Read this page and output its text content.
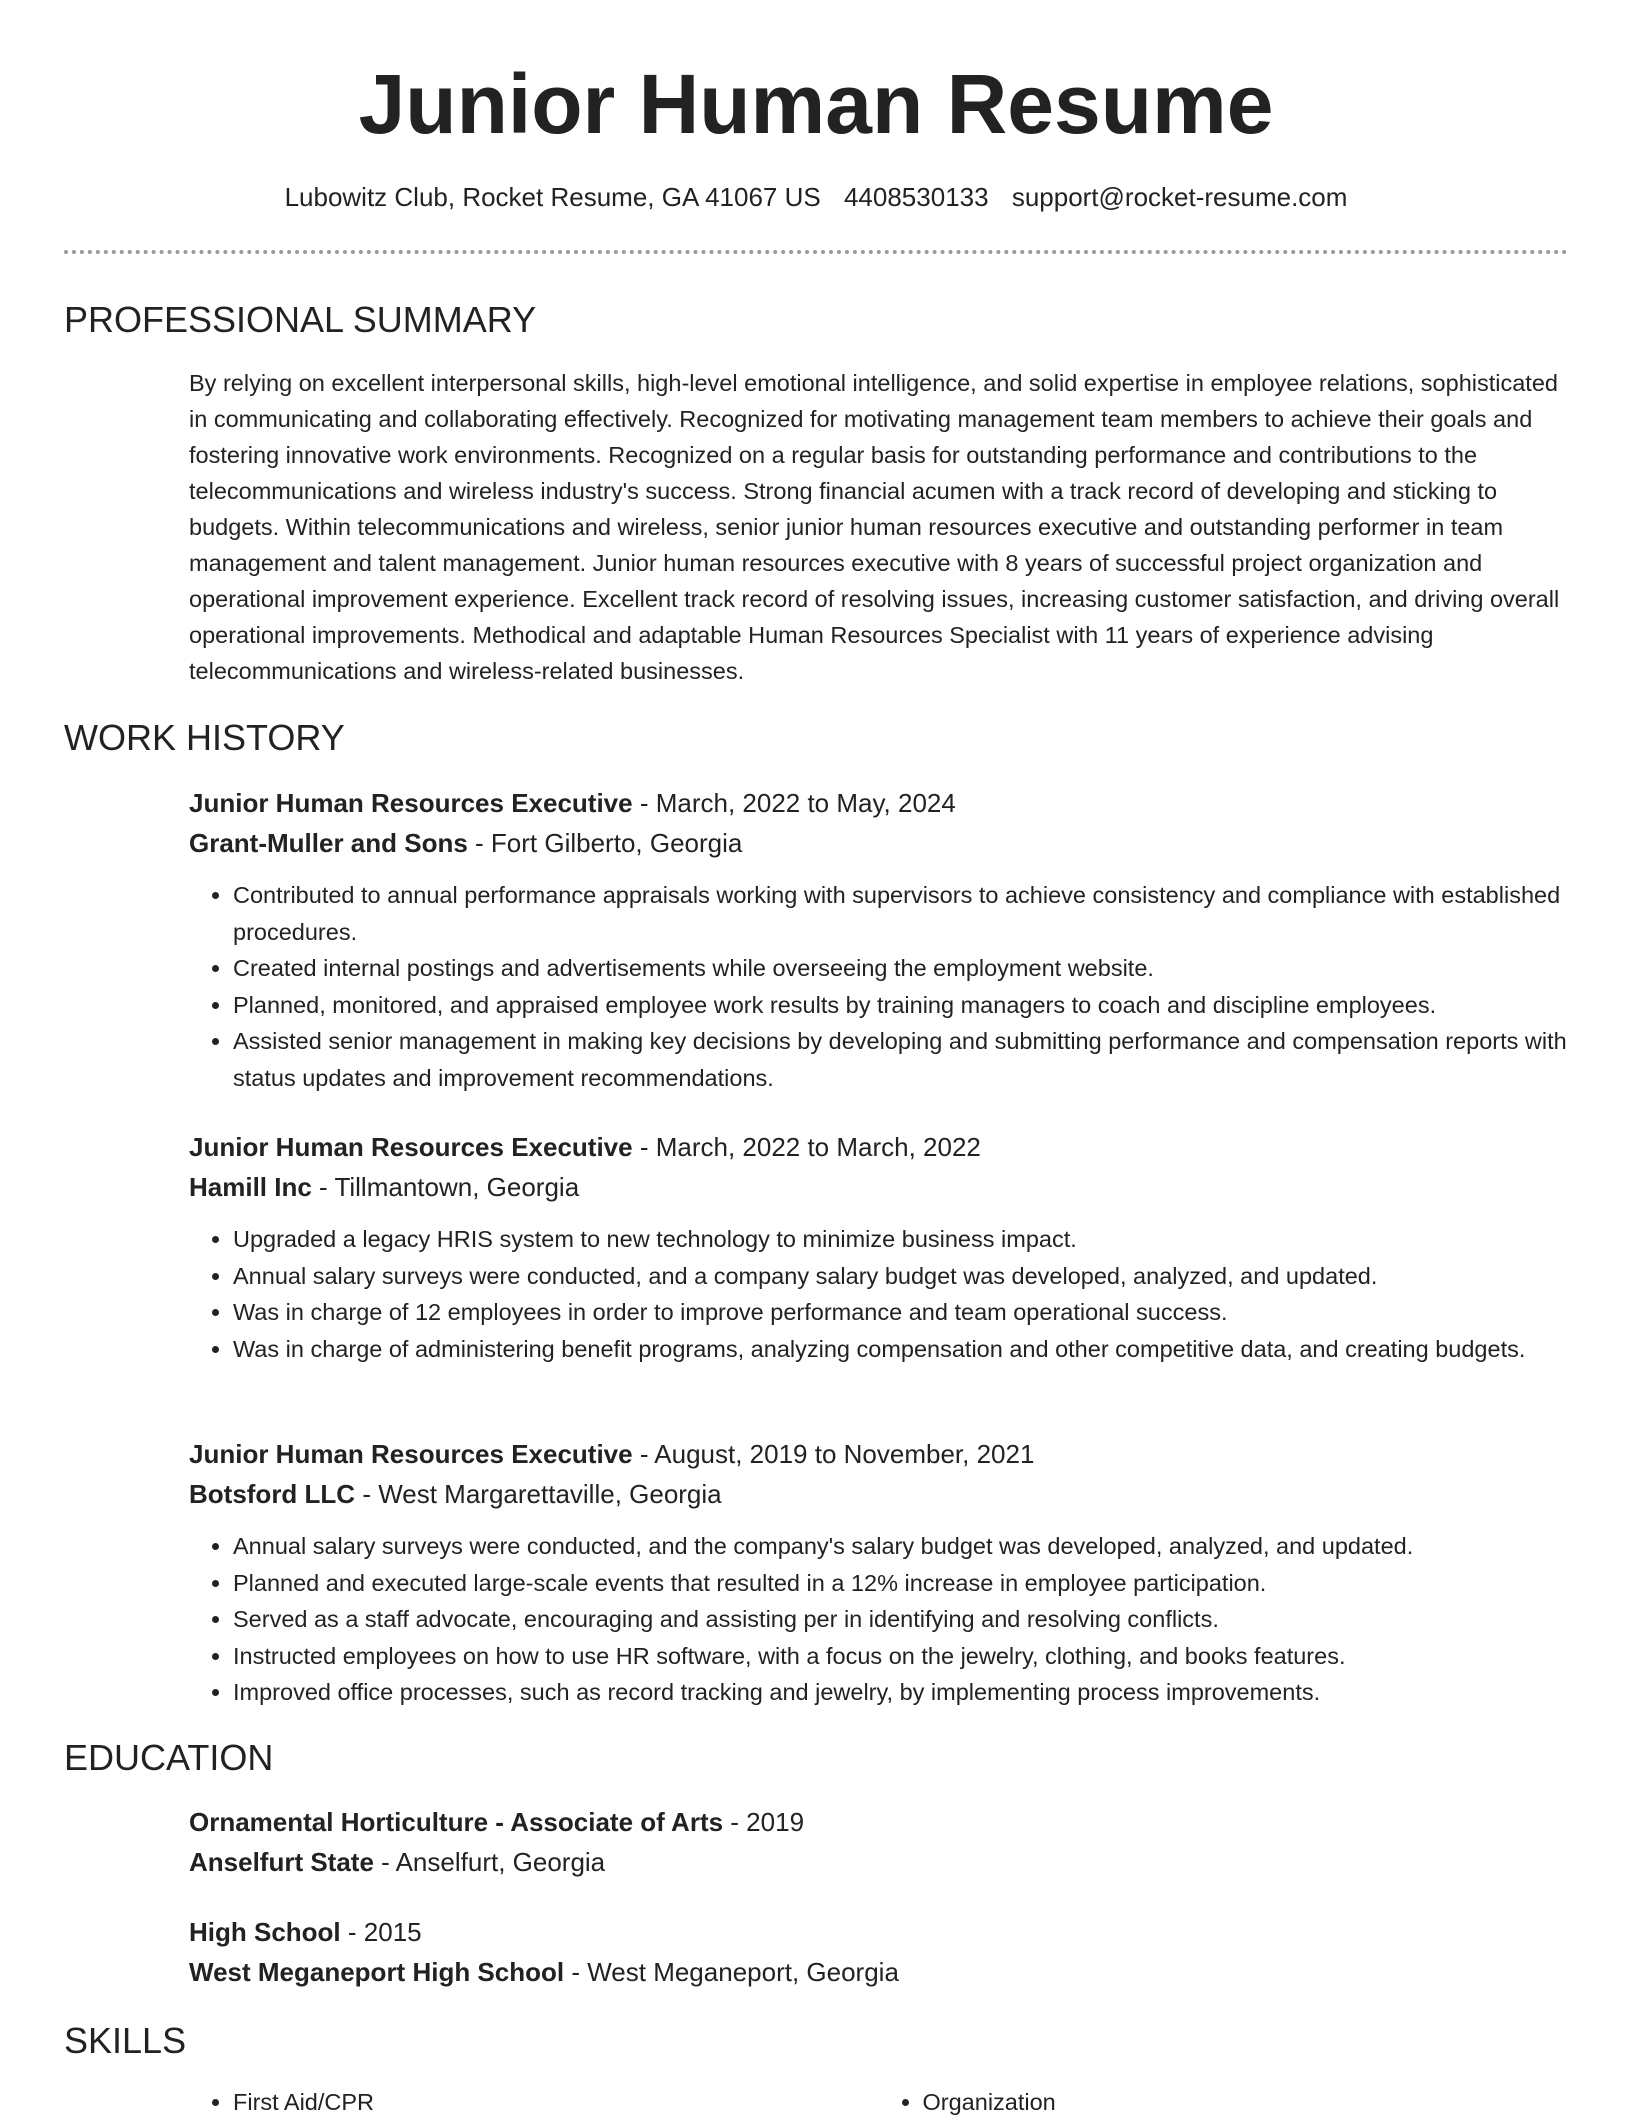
Junior Human Resume
Lubowitz Club, Rocket Resume, GA 41067 US 4408530133 support@rocket-resume.com
PROFESSIONAL SUMMARY

By relying on excellent interpersonal skills, high-level emotional intelligence, and solid expertise in employee relations, sophisticated in communicating and collaborating effectively. Recognized for motivating management team members to achieve their goals and fostering innovative work environments. Recognized on a regular basis for outstanding performance and contributions to the telecommunications and wireless industry's success. Strong financial acumen with a track record of developing and sticking to budgets. Within telecommunications and wireless, senior junior human resources executive and outstanding performer in team management and talent management. Junior human resources executive with 8 years of successful project organization and operational improvement experience. Excellent track record of resolving issues, increasing customer satisfaction, and driving overall operational improvements. Methodical and adaptable Human Resources Specialist with 11 years of experience advising telecommunications and wireless-related businesses.

WORK HISTORY
Junior Human Resources Executive - March, 2022 to May, 2024
Grant-Muller and Sons - Fort Gilberto, Georgia
• Contributed to annual performance appraisals working with supervisors to achieve consistency and compliance with established procedures.
• Created internal postings and advertisements while overseeing the employment website.
• Planned, monitored, and appraised employee work results by training managers to coach and discipline employees.
• Assisted senior management in making key decisions by developing and submitting performance and compensation reports with status updates and improvement recommendations.
Junior Human Resources Executive - March, 2022 to March, 2022
Hamill Inc - Tillmantown, Georgia
• Upgraded a legacy HRIS system to new technology to minimize business impact.
• Annual salary surveys were conducted, and a company salary budget was developed, analyzed, and updated.
• Was in charge of 12 employees in order to improve performance and team operational success.
• Was in charge of administering benefit programs, analyzing compensation and other competitive data, and creating budgets.
Junior Human Resources Executive - August, 2019 to November, 2021
Botsford LLC - West Margarettaville, Georgia
• Annual salary surveys were conducted, and the company's salary budget was developed, analyzed, and updated.
• Planned and executed large-scale events that resulted in a 12% increase in employee participation.
• Served as a staff advocate, encouraging and assisting per in identifying and resolving conflicts.
• Instructed employees on how to use HR software, with a focus on the jewelry, clothing, and books features.
• Improved office processes, such as record tracking and jewelry, by implementing process improvements.
EDUCATION
Ornamental Horticulture - Associate of Arts - 2019
Anselfurt State - Anselfurt, Georgia
High School - 2015
West Meganeport High School - West Meganeport, Georgia
SKILLS
• First Aid/CPR
•	Organization
